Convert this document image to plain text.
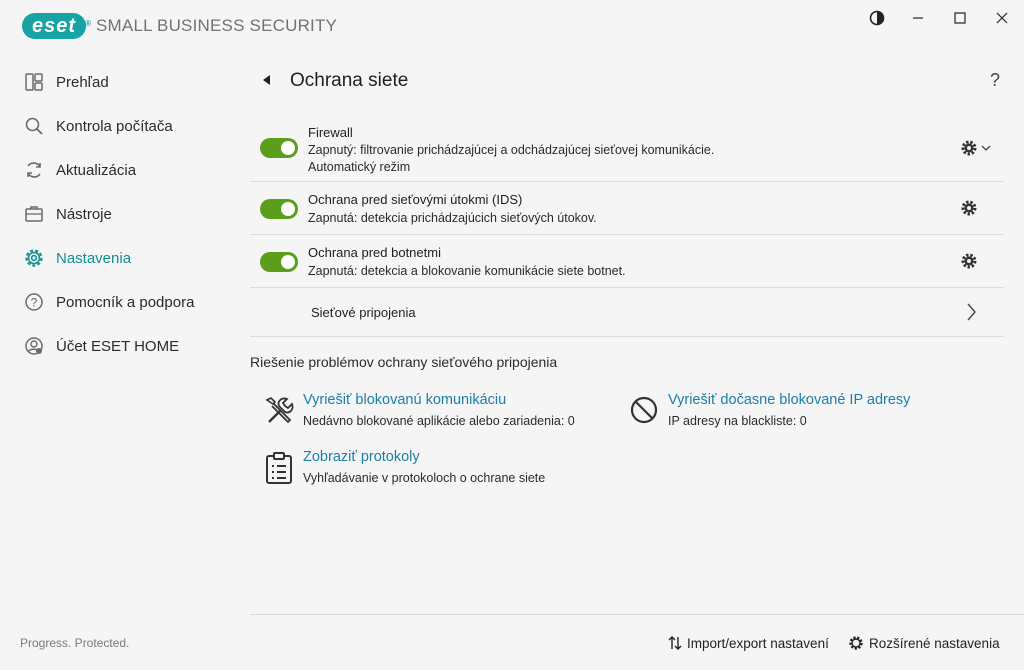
eset ® SMALL BUSINESS SECURITY
Prehľad
Kontrola počítača
Aktualizácia
Nástroje
Nastavenia
? Pomocník a podpora
Účet ESET HOME
Progress. Protected.
Ochrana siete	?
Firewall
Zapnutý: filtrovanie prichádzajúcej a odchádzajúcej sieťovej komunikácie.
Automatický režim
Ochrana pred sieťovými útokmi (IDS)
Zapnutá: detekcia prichádzajúcich sieťových útokov.
Ochrana pred botnetmi
Zapnutá: detekcia a blokovanie komunikácie siete botnet.
Sieťové pripojenia
Riešenie problémov ochrany sieťového pripojenia
Vyriešiť blokovanú komunikáciu
Nedávno blokované aplikácie alebo zariadenia: 0
Vyriešiť dočasne blokované IP adresy
IP adresy na blackliste: 0
Zobraziť protokoly
Vyhľadávanie v protokoloch o ochrane siete
Import/export nastavení	Rozšírené nastavenia
